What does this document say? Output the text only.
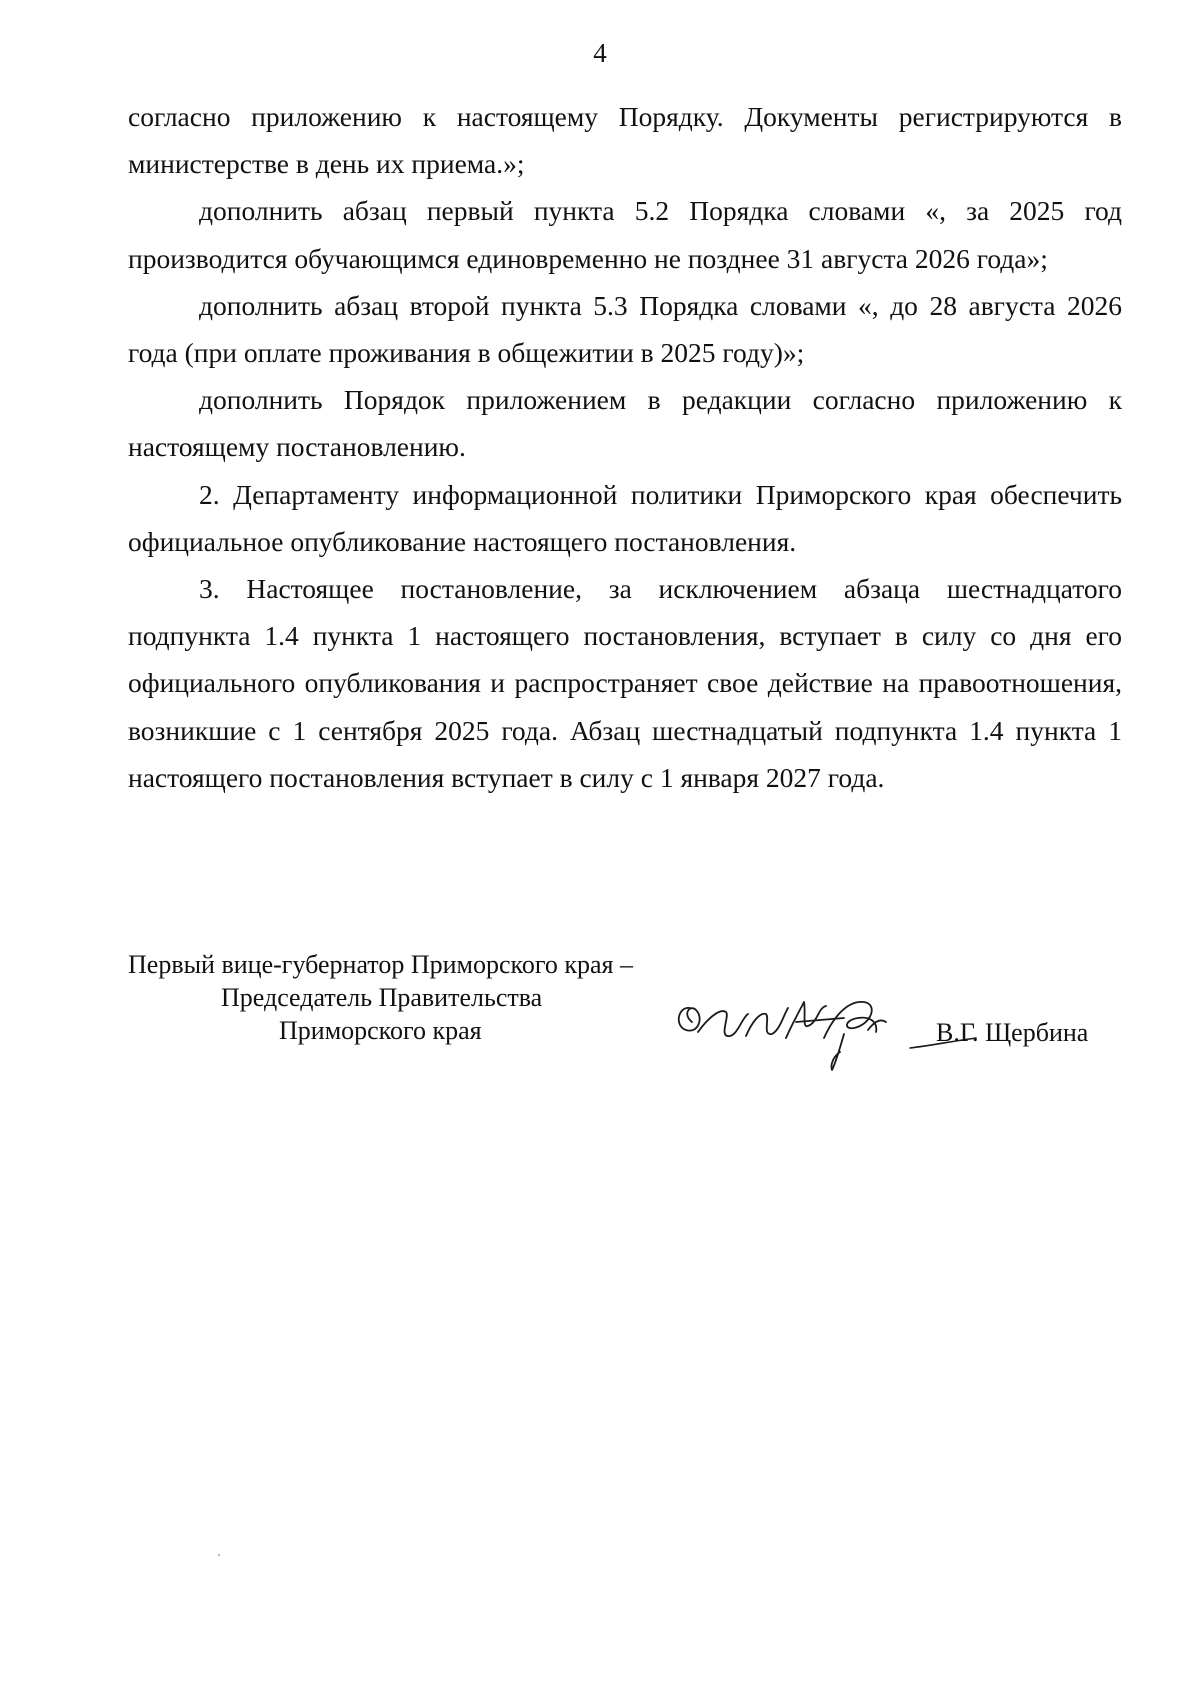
4

согласно приложению к настоящему Порядку. Документы регистрируются в министерстве в день их приема.»;

дополнить абзац первый пункта 5.2 Порядка словами «, за 2025 год производится обучающимся единовременно не позднее 31 августа 2026 года»;

дополнить абзац второй пункта 5.3 Порядка словами «, до 28 августа 2026 года (при оплате проживания в общежитии в 2025 году)»;

дополнить Порядок приложением в редакции согласно приложению к настоящему постановлению.

2. Департаменту информационной политики Приморского края обеспечить официальное опубликование настоящего постановления.

3. Настоящее постановление, за исключением абзаца шестнадцатого подпункта 1.4 пункта 1 настоящего постановления, вступает в силу со дня его официального опубликования и распространяет свое действие на правоотношения, возникшие с 1 сентября 2025 года. Абзац шестнадцатый подпункта 1.4 пункта 1 настоящего постановления вступает в силу с 1 января 2027 года.

Первый вице-губернатор Приморского края –
Председатель Правительства
Приморского края	В.Г. Щербина
